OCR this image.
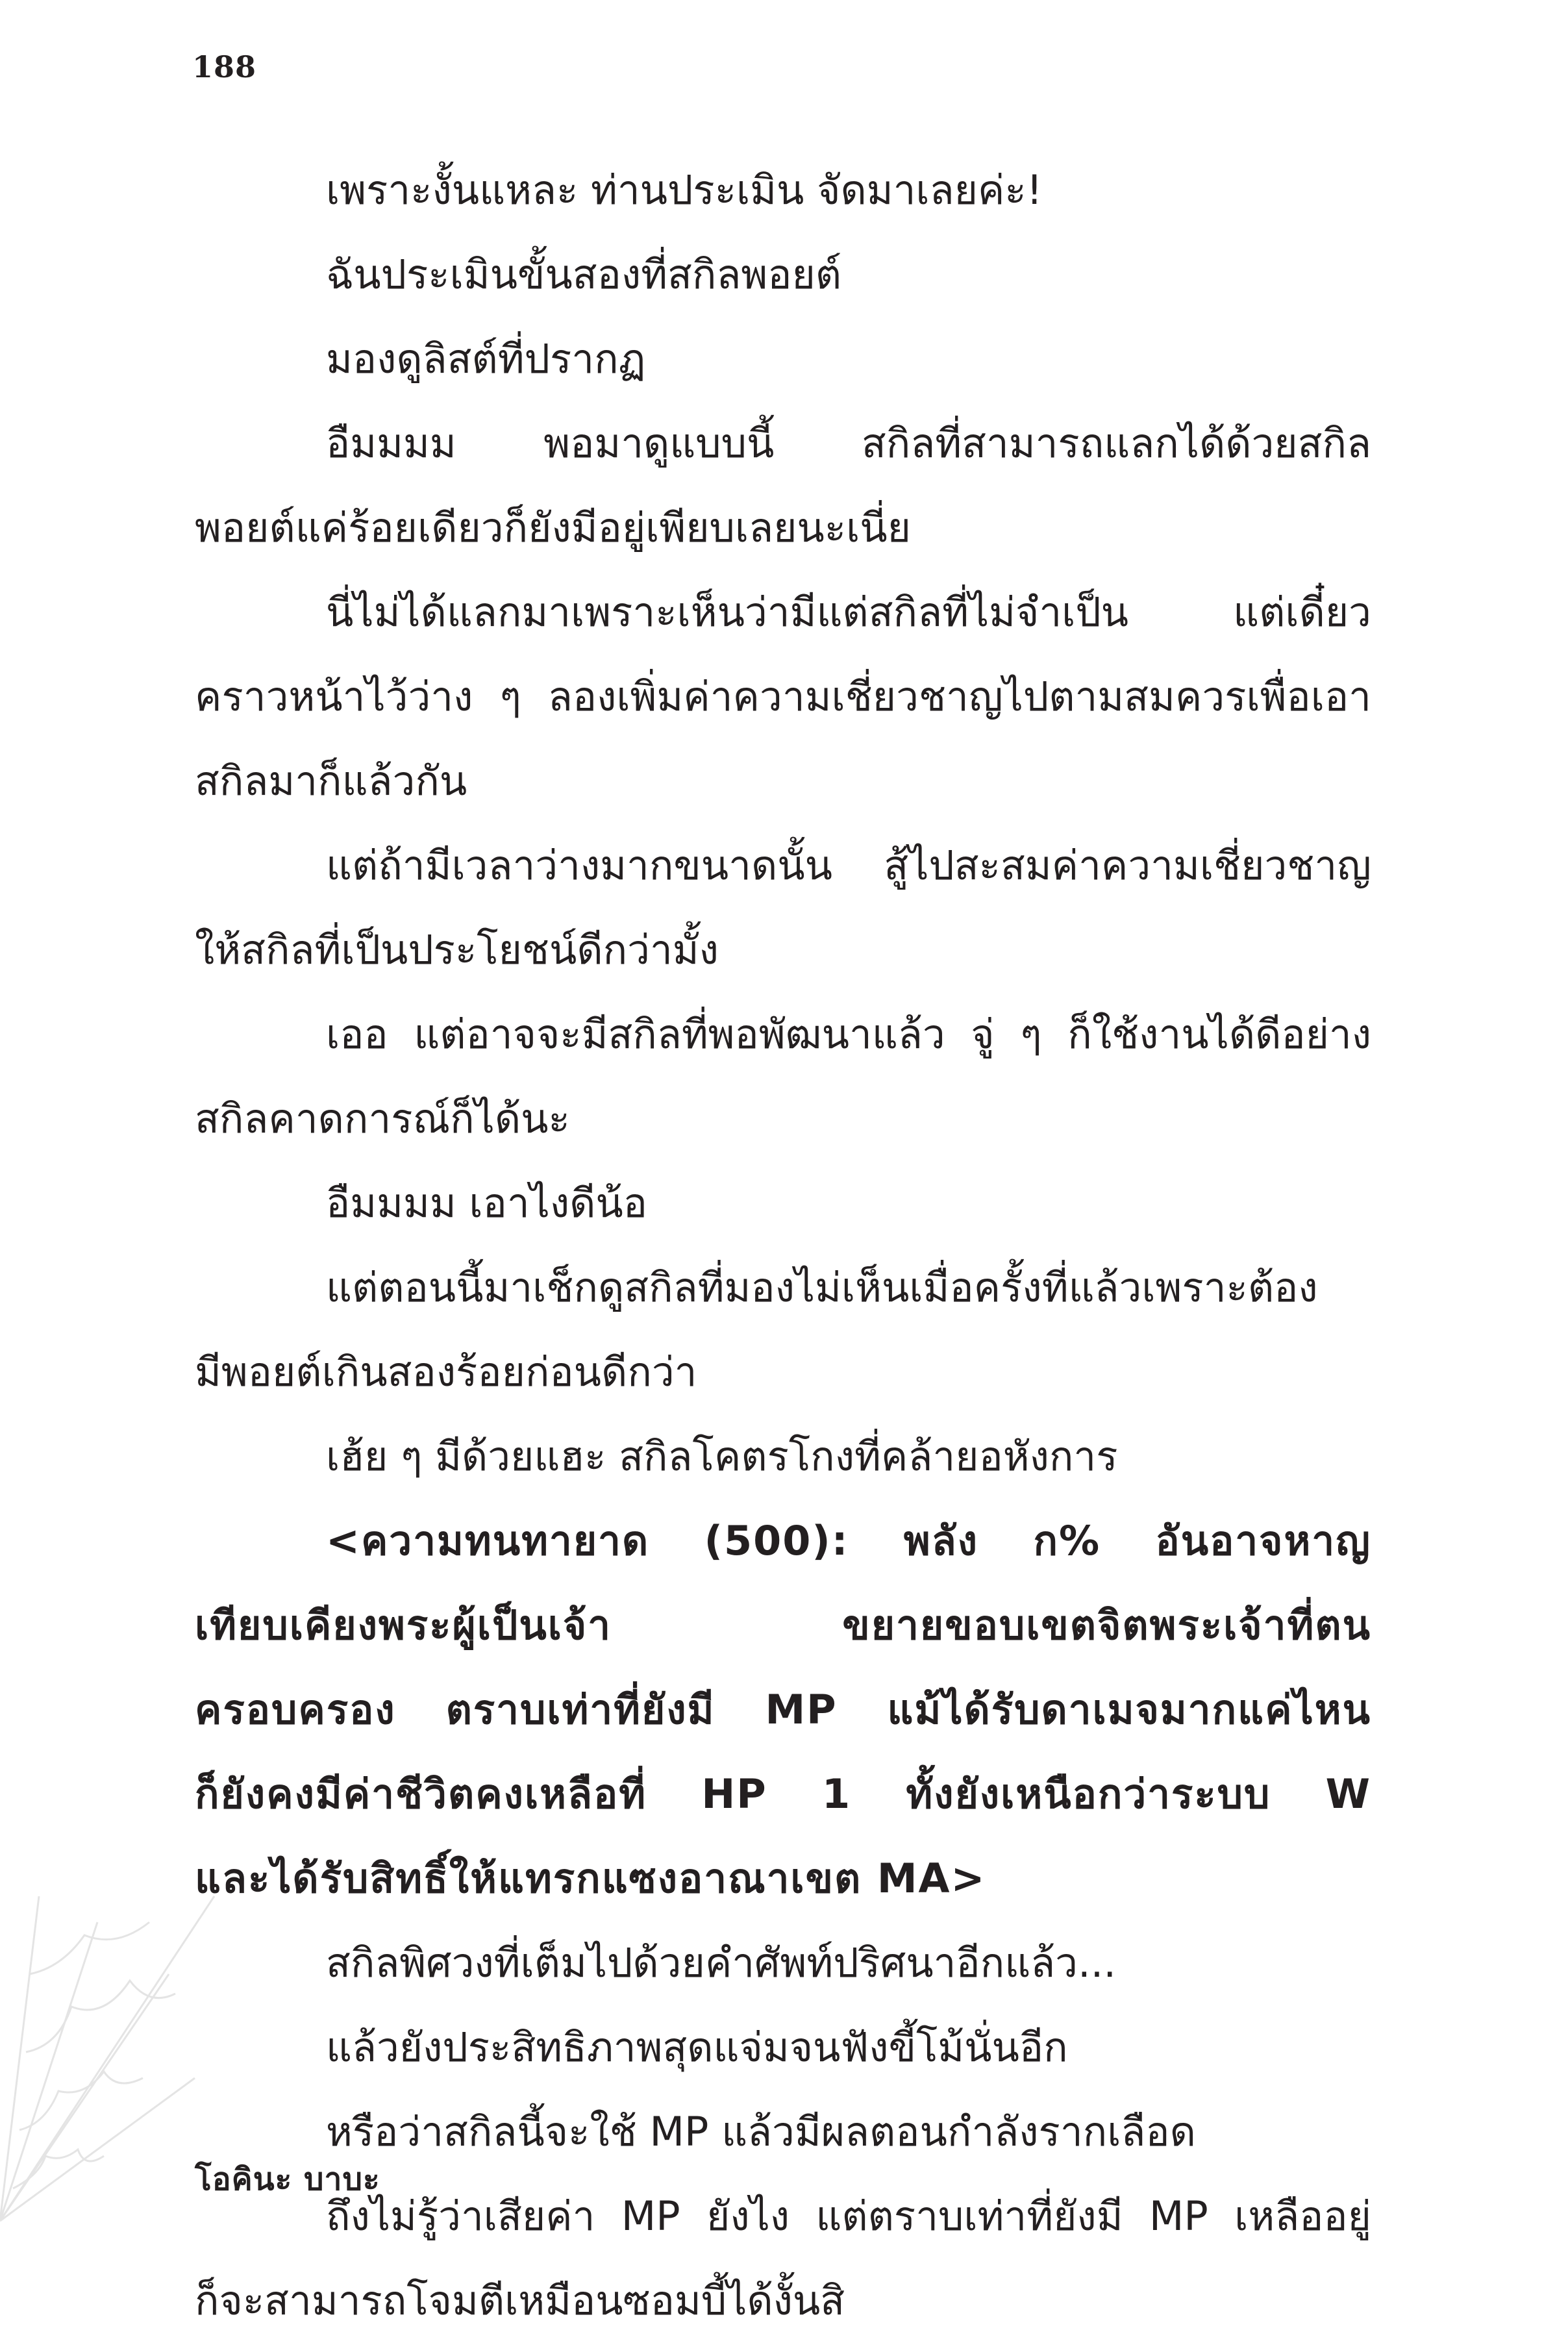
188
เพราะงั้นแหละ ท่านประเมิน จัดมาเลยค่ะ!
ฉันประเมินขั้นสองที่สกิลพอยต์
มองดูลิสต์ที่ปรากฏ
อืมมมม พอมาดูแบบนี้ สกิลที่สามารถแลกได้ด้วยสกิล
พอยต์แค่ร้อยเดียวก็ยังมีอยู่เพียบเลยนะเนี่ย
นี่ไม่ได้แลกมาเพราะเห็นว่ามีแต่สกิลที่ไม่จำเป็น แต่เดี๋ยว
คราวหน้าไว้ว่าง ๆ ลองเพิ่มค่าความเชี่ยวชาญไปตามสมควรเพื่อเอา
สกิลมาก็แล้วกัน
แต่ถ้ามีเวลาว่างมากขนาดนั้น สู้ไปสะสมค่าความเชี่ยวชาญ
ให้สกิลที่เป็นประโยชน์ดีกว่ามั้ง
เออ แต่อาจจะมีสกิลที่พอพัฒนาแล้ว จู่ ๆ ก็ใช้งานได้ดีอย่าง
สกิลคาดการณ์ก็ได้นะ
อืมมมม เอาไงดีน้อ
แต่ตอนนี้มาเช็กดูสกิลที่มองไม่เห็นเมื่อครั้งที่แล้วเพราะต้อง
มีพอยต์เกินสองร้อยก่อนดีกว่า
เฮ้ย ๆ มีด้วยแฮะ สกิลโคตรโกงที่คล้ายอหังการ
<ความทนทายาด (500): พลัง ก% อันอาจหาญ
เทียบเคียงพระผู้เป็นเจ้า ขยายขอบเขตจิตพระเจ้าที่ตน
ครอบครอง ตราบเท่าที่ยังมี MP แม้ได้รับดาเมจมากแค่ไหน
ก็ยังคงมีค่าชีวิตคงเหลือที่ HP 1 ทั้งยังเหนือกว่าระบบ W
และได้รับสิทธิ์ให้แทรกแซงอาณาเขต MA>
สกิลพิศวงที่เต็มไปด้วยคำศัพท์ปริศนาอีกแล้ว...
แล้วยังประสิทธิภาพสุดแจ่มจนฟังขี้โม้นั่นอีก
หรือว่าสกิลนี้จะใช้ MP แล้วมีผลตอนกำลังรากเลือด
ถึงไม่รู้ว่าเสียค่า MP ยังไง แต่ตราบเท่าที่ยังมี MP เหลืออยู่
ก็จะสามารถโจมตีเหมือนซอมบี้ได้งั้นสิ
โอคินะ บาบะ
